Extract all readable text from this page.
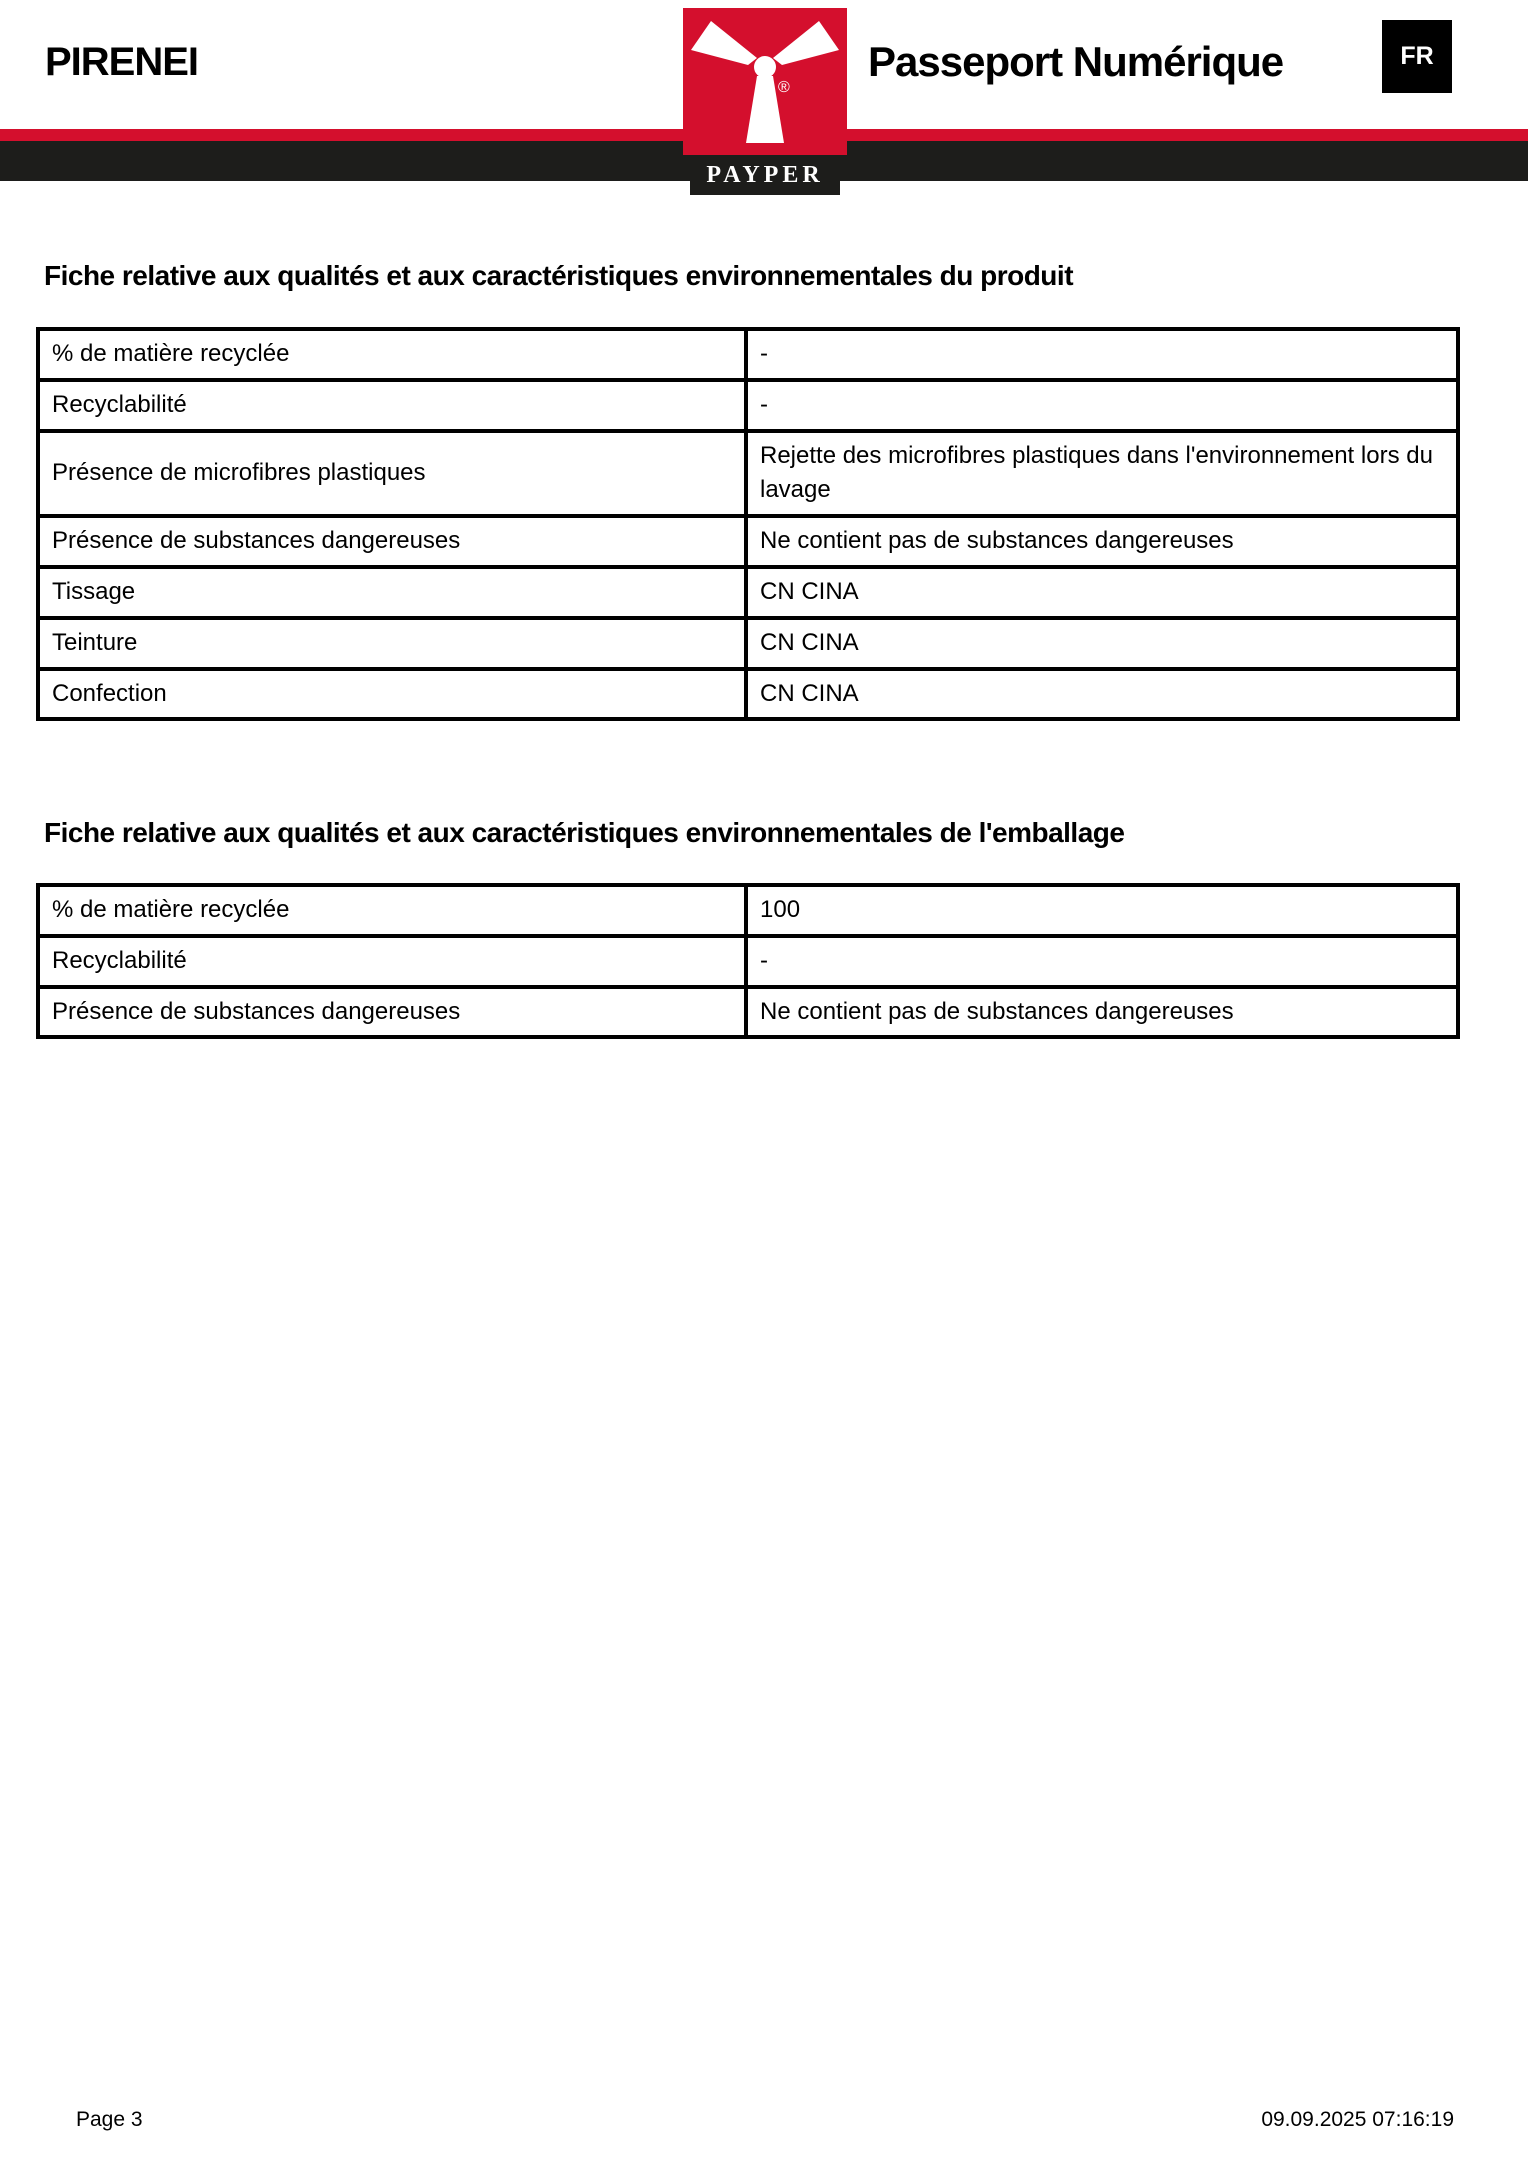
PIRENEI	Passeport Numérique	FR
®
PAYPER
Fiche relative aux qualités et aux caractéristiques environnementales du produit
% de matière recyclée	-
Recyclabilité	-
Présence de microfibres plastiques	Rejette des microfibres plastiques dans l'environnement lors du lavage
Présence de substances dangereuses	Ne contient pas de substances dangereuses
Tissage	CN CINA
Teinture	CN CINA
Confection	CN CINA
Fiche relative aux qualités et aux caractéristiques environnementales de l'emballage
% de matière recyclée	100
Recyclabilité	-
Présence de substances dangereuses	Ne contient pas de substances dangereuses
Page 3	09.09.2025 07:16:19
